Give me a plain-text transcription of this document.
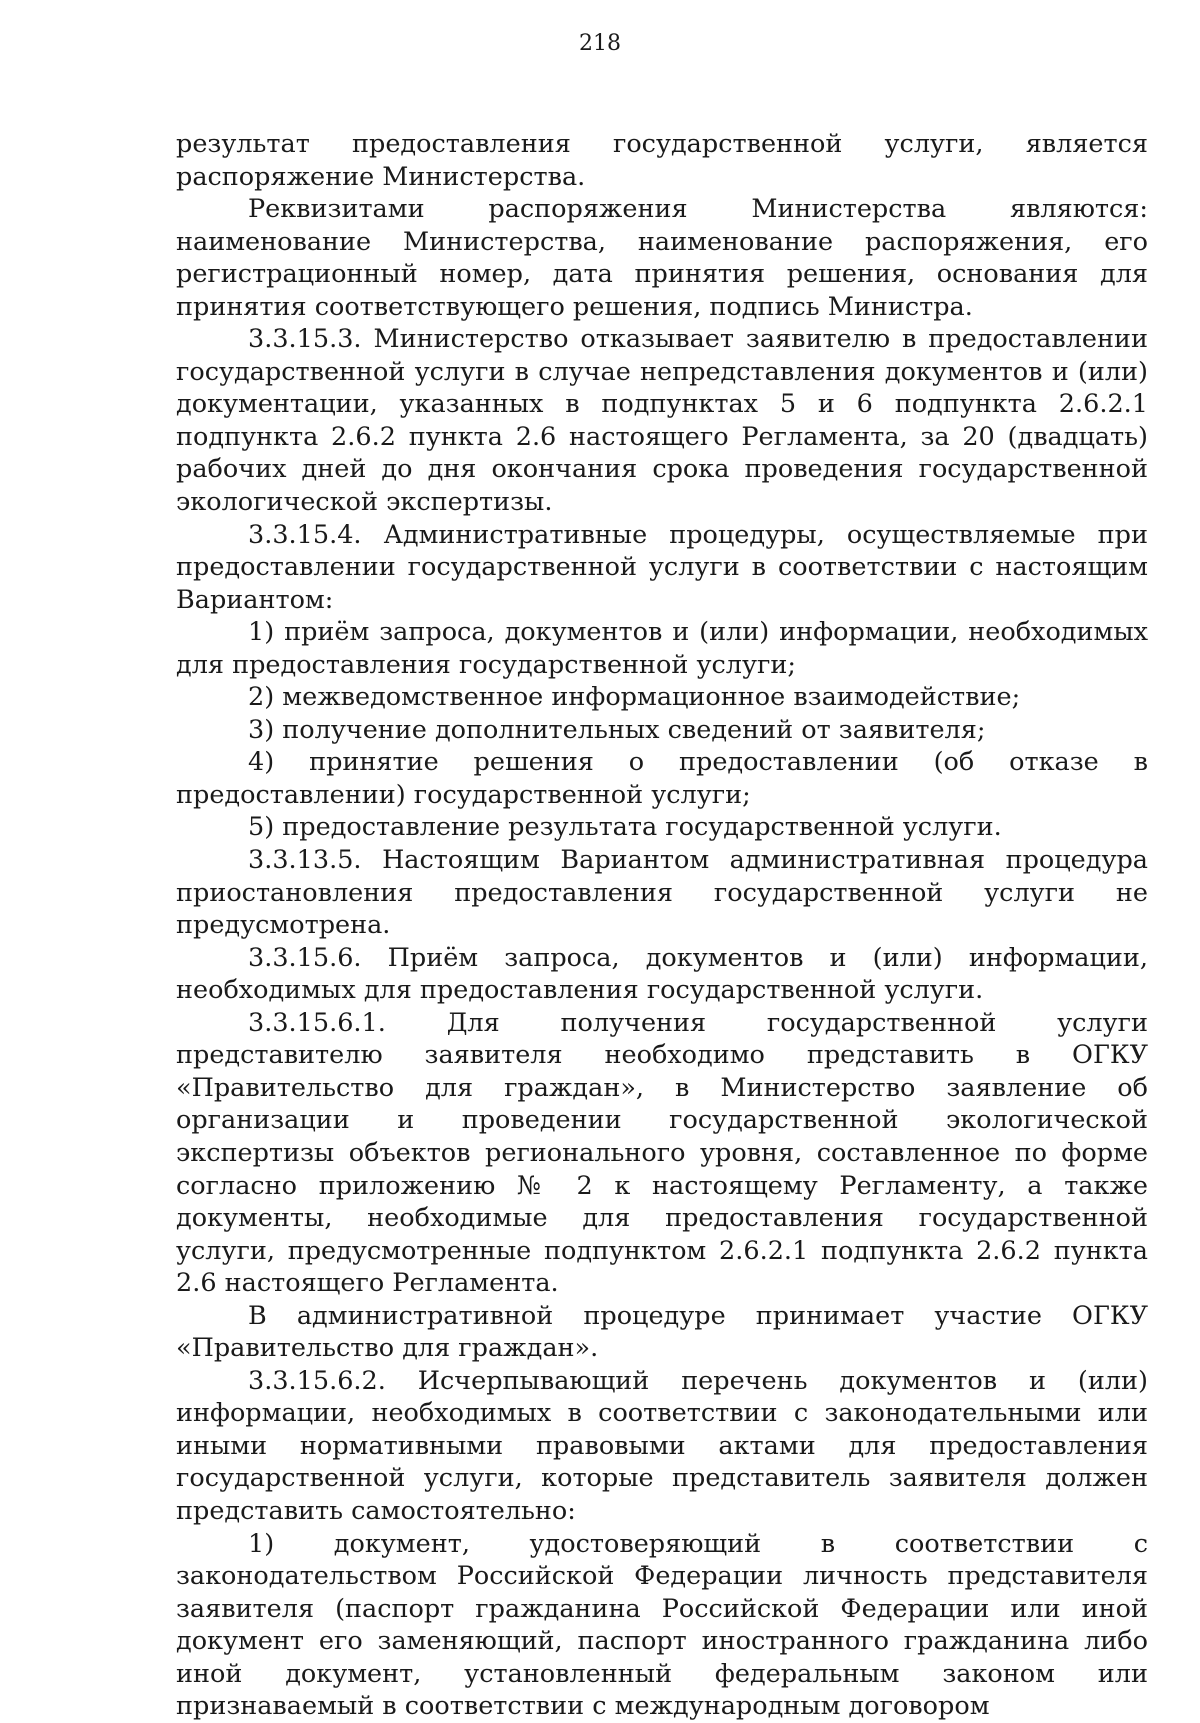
218

результат предоставления государственной услуги, является распоряжение Министерства.

Реквизитами распоряжения Министерства являются: наименование Министерства, наименование распоряжения, его регистрационный номер, дата принятия решения, основания для принятия соответствующего решения, подпись Министра.

3.3.15.3. Министерство отказывает заявителю в предоставлении государственной услуги в случае непредставления документов и (или) документации, указанных в подпунктах 5 и 6 подпункта 2.6.2.1 подпункта 2.6.2 пункта 2.6 настоящего Регламента, за 20 (двадцать) рабочих дней до дня окончания срока проведения государственной экологической экспертизы.

3.3.15.4. Административные процедуры, осуществляемые при предоставлении государственной услуги в соответствии с настоящим Вариантом:

1) приём запроса, документов и (или) информации, необходимых для предоставления государственной услуги;

2) межведомственное информационное взаимодействие;

3) получение дополнительных сведений от заявителя;

4) принятие решения о предоставлении (об отказе в предоставлении) государственной услуги;

5) предоставление результата государственной услуги.

3.3.13.5. Настоящим Вариантом административная процедура приостановления предоставления государственной услуги не предусмотрена.

3.3.15.6. Приём запроса, документов и (или) информации, необходимых для предоставления государственной услуги.

3.3.15.6.1. Для получения государственной услуги представителю заявителя необходимо представить в ОГКУ «Правительство для граждан», в Министерство заявление об организации и проведении государственной экологической экспертизы объектов регионального уровня, составленное по форме согласно приложению № 2 к настоящему Регламенту, а также документы, необходимые для предоставления государственной услуги, предусмотренные подпунктом 2.6.2.1 подпункта 2.6.2 пункта 2.6 настоящего Регламента.

В административной процедуре принимает участие ОГКУ «Правительство для граждан».

3.3.15.6.2. Исчерпывающий перечень документов и (или) информации, необходимых в соответствии с законодательными или иными нормативными правовыми актами для предоставления государственной услуги, которые представитель заявителя должен представить самостоятельно:

1) документ, удостоверяющий в соответствии с законодательством Российской Федерации личность представителя заявителя (паспорт гражданина Российской Федерации или иной документ его заменяющий, паспорт иностранного гражданина либо иной документ, установленный федеральным законом или признаваемый в соответствии с международным договором
